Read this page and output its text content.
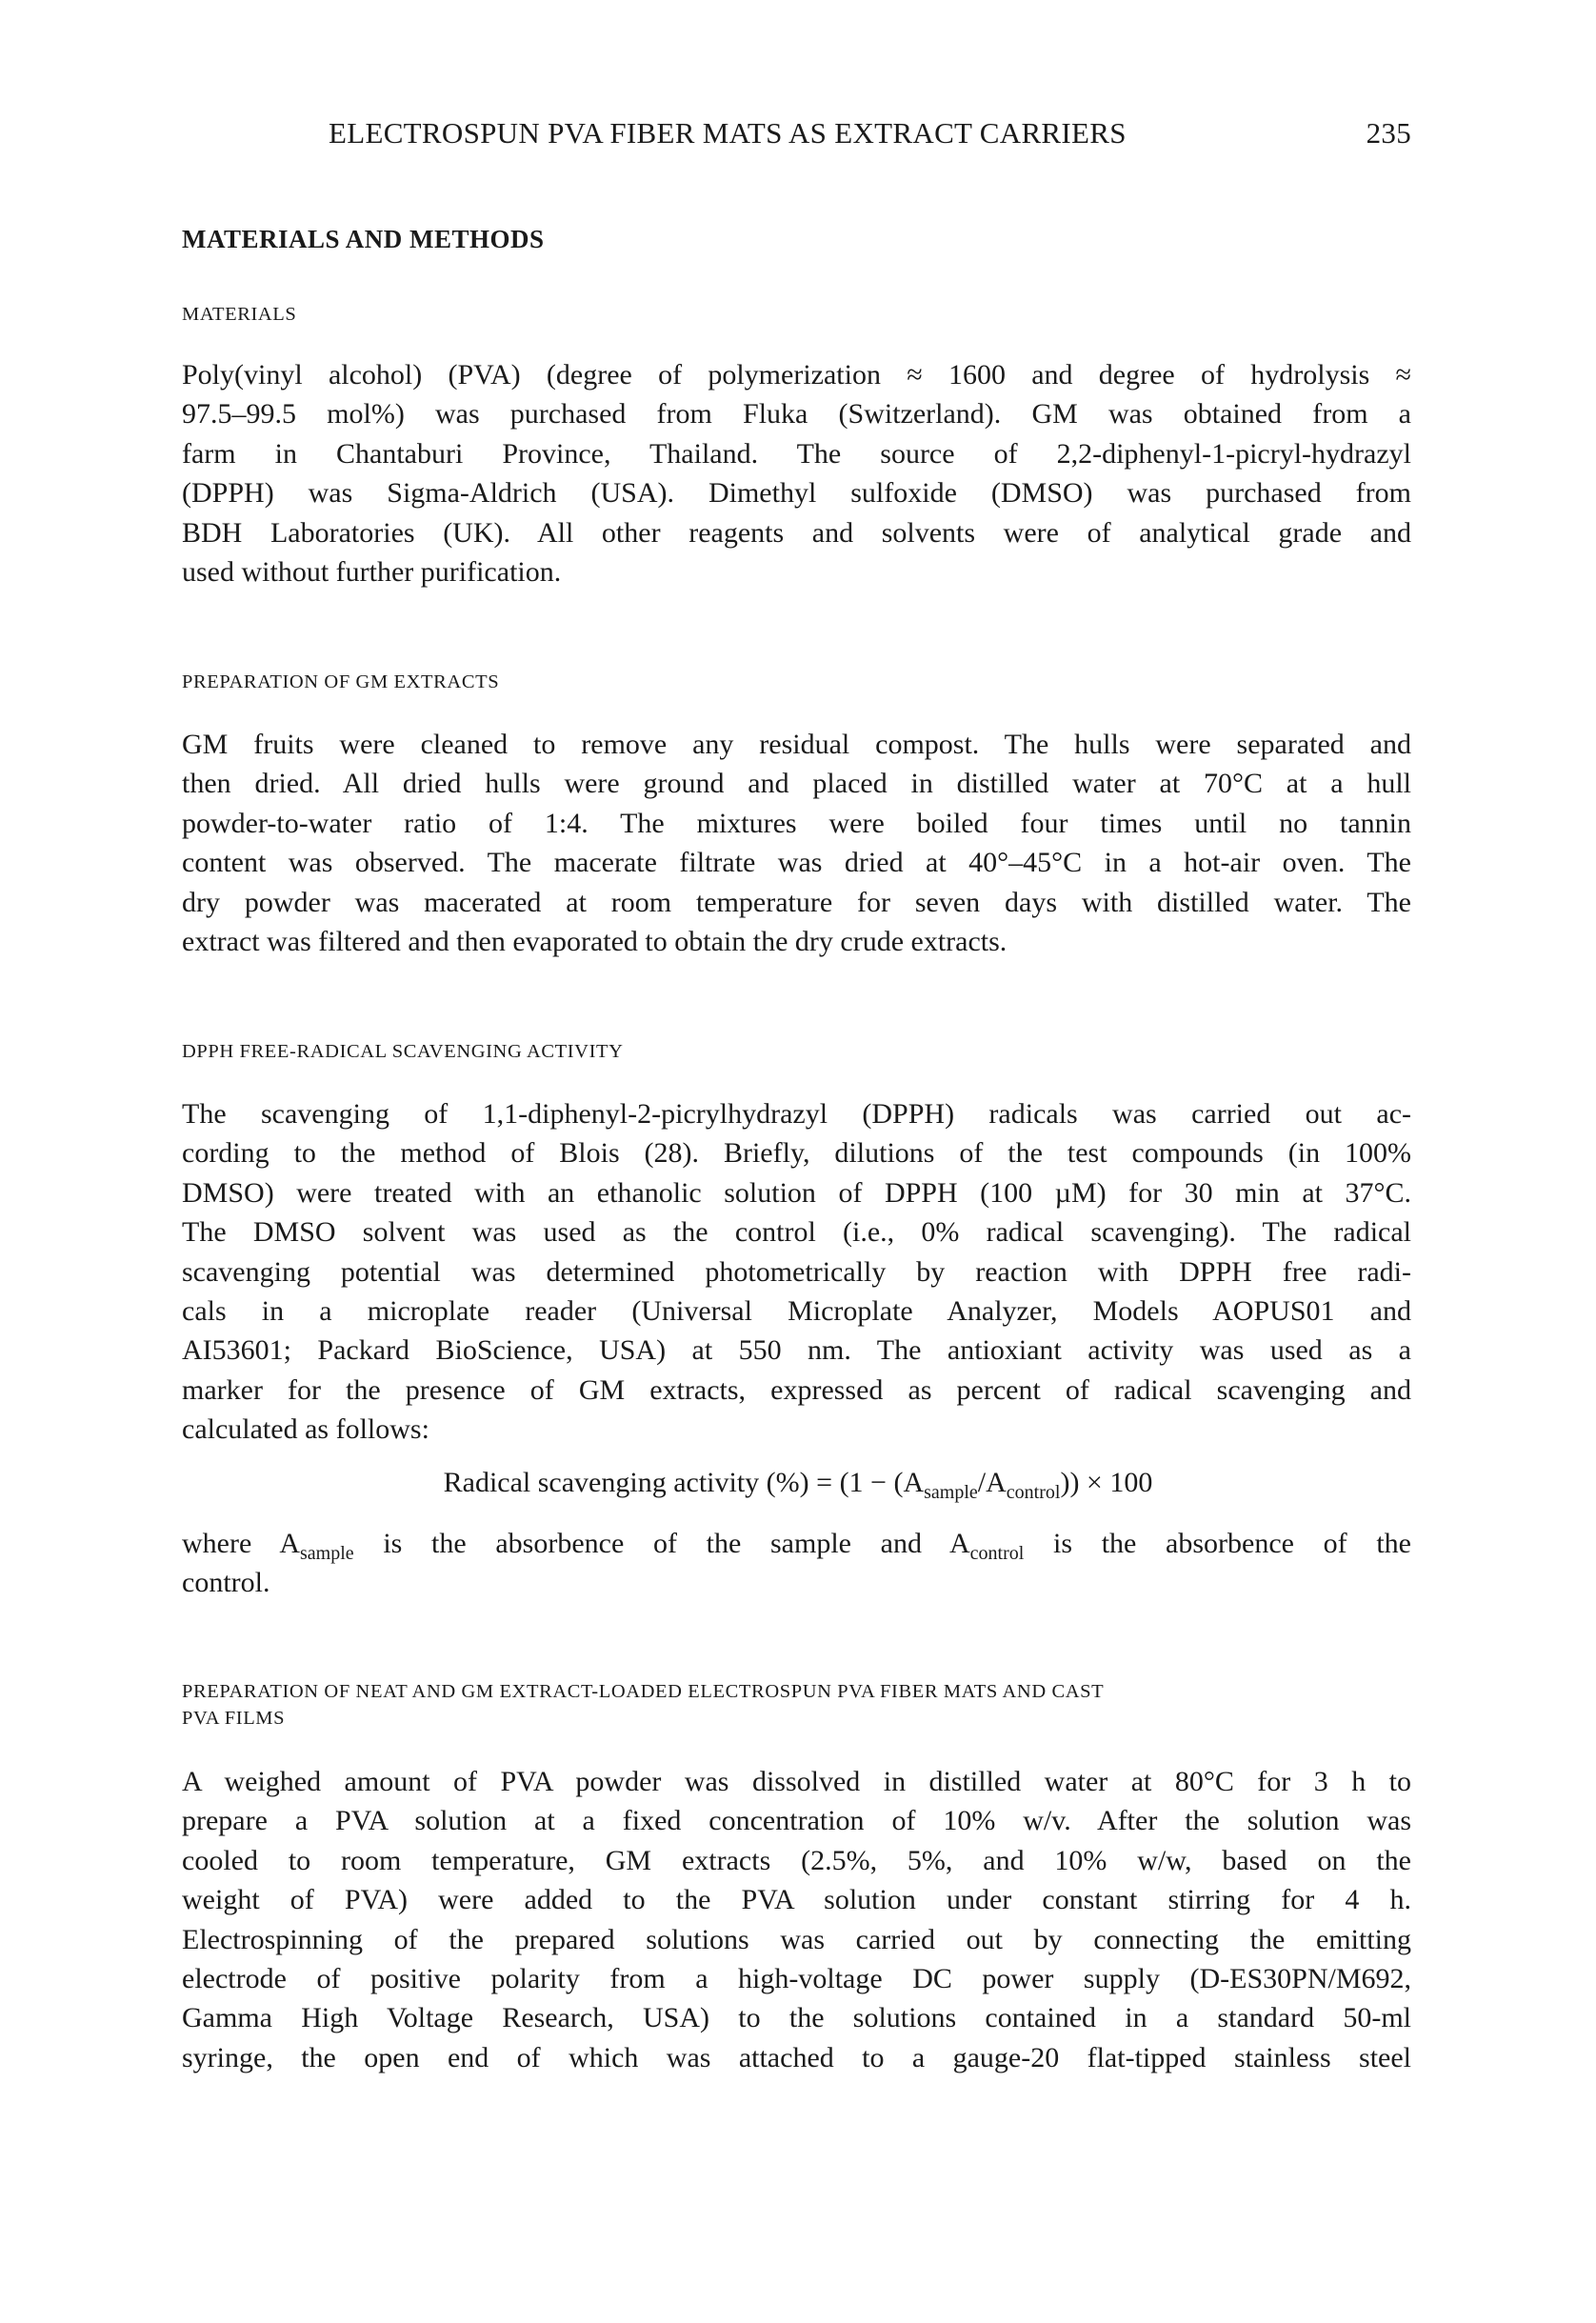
ELECTROSPUN PVA FIBER MATS AS EXTRACT CARRIERS	235
MATERIALS AND METHODS
MATERIALS

Poly(vinyl alcohol) (PVA) (degree of polymerization ≈ 1600 and degree of hydrolysis ≈
97.5–99.5 mol%) was purchased from Fluka (Switzerland). GM was obtained from a
farm in Chantaburi Province, Thailand. The source of 2,2-diphenyl-1-picryl-hydrazyl
(DPPH) was Sigma-Aldrich (USA). Dimethyl sulfoxide (DMSO) was purchased from
BDH Laboratories (UK). All other reagents and solvents were of analytical grade and
used without further purification.

PREPARATION OF GM EXTRACTS

GM fruits were cleaned to remove any residual compost. The hulls were separated and
then dried. All dried hulls were ground and placed in distilled water at 70°C at a hull
powder-to-water ratio of 1:4. The mixtures were boiled four times until no tannin
content was observed. The macerate filtrate was dried at 40°–45°C in a hot-air oven. The
dry powder was macerated at room temperature for seven days with distilled water. The
extract was filtered and then evaporated to obtain the dry crude extracts.

DPPH FREE-RADICAL SCAVENGING ACTIVITY

The scavenging of 1,1-diphenyl-2-picrylhydrazyl (DPPH) radicals was carried out ac-
cording to the method of Blois (28). Briefly, dilutions of the test compounds (in 100%
DMSO) were treated with an ethanolic solution of DPPH (100 µM) for 30 min at 37°C.
The DMSO solvent was used as the control (i.e., 0% radical scavenging). The radical
scavenging potential was determined photometrically by reaction with DPPH free radi-
cals in a microplate reader (Universal Microplate Analyzer, Models AOPUS01 and
AI53601; Packard BioScience, USA) at 550 nm. The antioxiant activity was used as a
marker for the presence of GM extracts, expressed as percent of radical scavenging and
calculated as follows:

Radical scavenging activity (%) = $(1 - (A_{sample}/A_{control})) \times 100$

where $A_{sample}$ is the absorbence of the sample and $A_{control}$ is the absorbence of the
control.

PREPARATION OF NEAT AND GM EXTRACT-LOADED ELECTROSPUN PVA FIBER MATS AND CAST
PVA FILMS

A weighed amount of PVA powder was dissolved in distilled water at 80°C for 3 h to
prepare a PVA solution at a fixed concentration of 10% w/v. After the solution was
cooled to room temperature, GM extracts (2.5%, 5%, and 10% w/w, based on the
weight of PVA) were added to the PVA solution under constant stirring for 4 h.
Electrospinning of the prepared solutions was carried out by connecting the emitting
electrode of positive polarity from a high-voltage DC power supply (D-ES30PN/M692,
Gamma High Voltage Research, USA) to the solutions contained in a standard 50-ml
syringe, the open end of which was attached to a gauge-20 flat-tipped stainless steel
